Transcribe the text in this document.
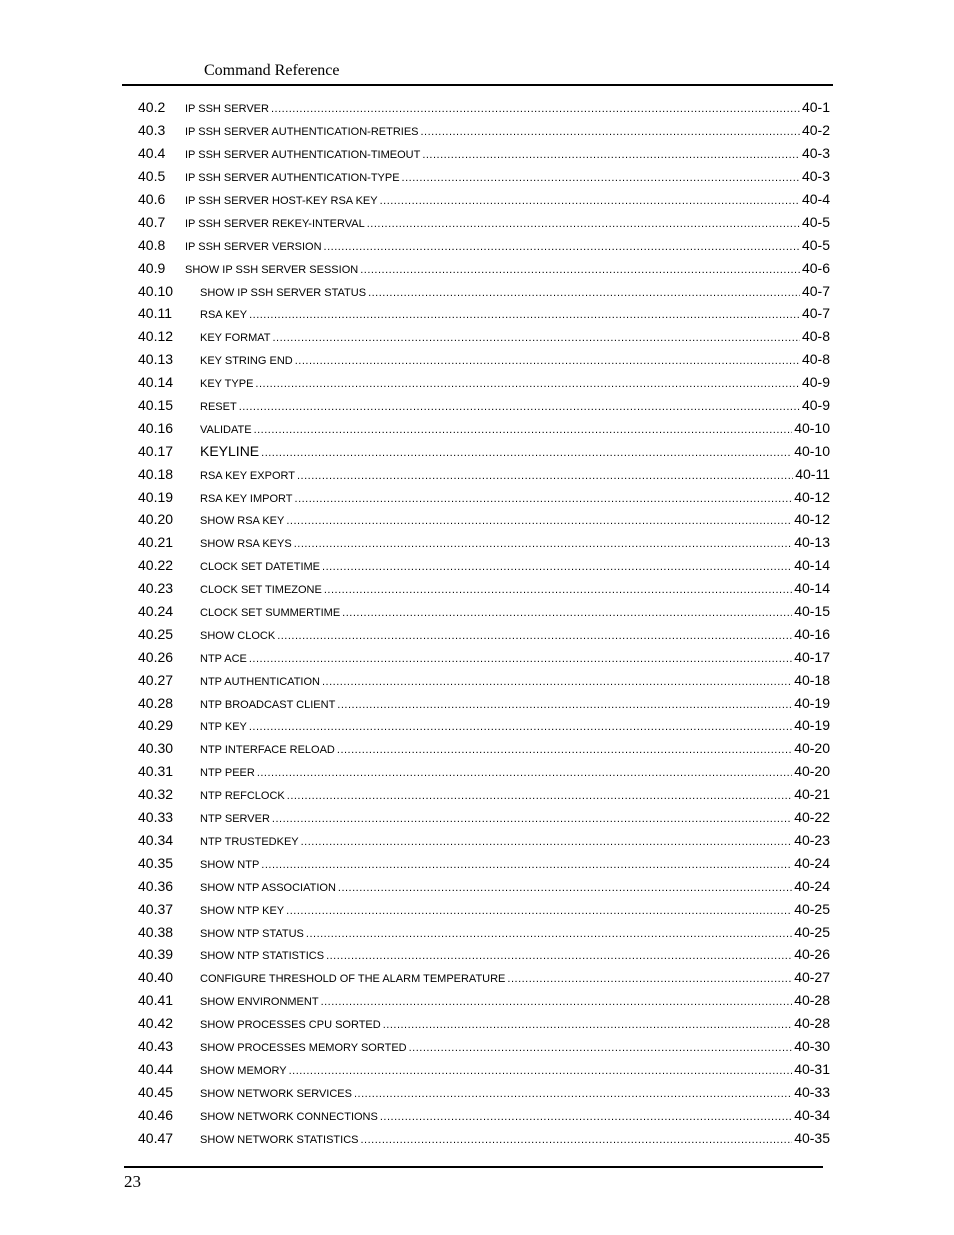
Command Reference
40.2	IP SSH SERVER .....	40-1
40.3	IP SSH SERVER AUTHENTICATION-RETRIES .....	40-2
40.4	IP SSH SERVER AUTHENTICATION-TIMEOUT .....	40-3
40.5	IP SSH SERVER AUTHENTICATION-TYPE .....	40-3
40.6	IP SSH SERVER HOST-KEY RSA KEY .....	40-4
40.7	IP SSH SERVER REKEY-INTERVAL .....	40-5
40.8	IP SSH SERVER VERSION .....	40-5
40.9	SHOW IP SSH SERVER SESSION .....	40-6
40.10	SHOW IP SSH SERVER STATUS .....	40-7
40.11	RSA KEY .....	40-7
40.12	KEY FORMAT .....	40-8
40.13	KEY STRING END .....	40-8
40.14	KEY TYPE .....	40-9
40.15	RESET .....	40-9
40.16	VALIDATE .....	40-10
40.17	KEYLINE .....	40-10
40.18	RSA KEY EXPORT .....	40-11
40.19	RSA KEY IMPORT .....	40-12
40.20	SHOW RSA KEY .....	40-12
40.21	SHOW RSA KEYS .....	40-13
40.22	CLOCK SET DATETIME .....	40-14
40.23	CLOCK SET TIMEZONE .....	40-14
40.24	CLOCK SET SUMMERTIME .....	40-15
40.25	SHOW CLOCK .....	40-16
40.26	NTP ACE .....	40-17
40.27	NTP AUTHENTICATION .....	40-18
40.28	NTP BROADCAST CLIENT .....	40-19
40.29	NTP KEY .....	40-19
40.30	NTP INTERFACE RELOAD .....	40-20
40.31	NTP PEER .....	40-20
40.32	NTP REFCLOCK .....	40-21
40.33	NTP SERVER .....	40-22
40.34	NTP TRUSTEDKEY .....	40-23
40.35	SHOW NTP .....	40-24
40.36	SHOW NTP ASSOCIATION .....	40-24
40.37	SHOW NTP KEY .....	40-25
40.38	SHOW NTP STATUS .....	40-25
40.39	SHOW NTP STATISTICS .....	40-26
40.40	CONFIGURE THRESHOLD OF THE ALARM TEMPERATURE .....	40-27
40.41	SHOW ENVIRONMENT .....	40-28
40.42	SHOW PROCESSES CPU SORTED .....	40-28
40.43	SHOW PROCESSES MEMORY SORTED .....	40-30
40.44	SHOW MEMORY .....	40-31
40.45	SHOW NETWORK SERVICES .....	40-33
40.46	SHOW NETWORK CONNECTIONS .....	40-34
40.47	SHOW NETWORK STATISTICS .....	40-35
23
